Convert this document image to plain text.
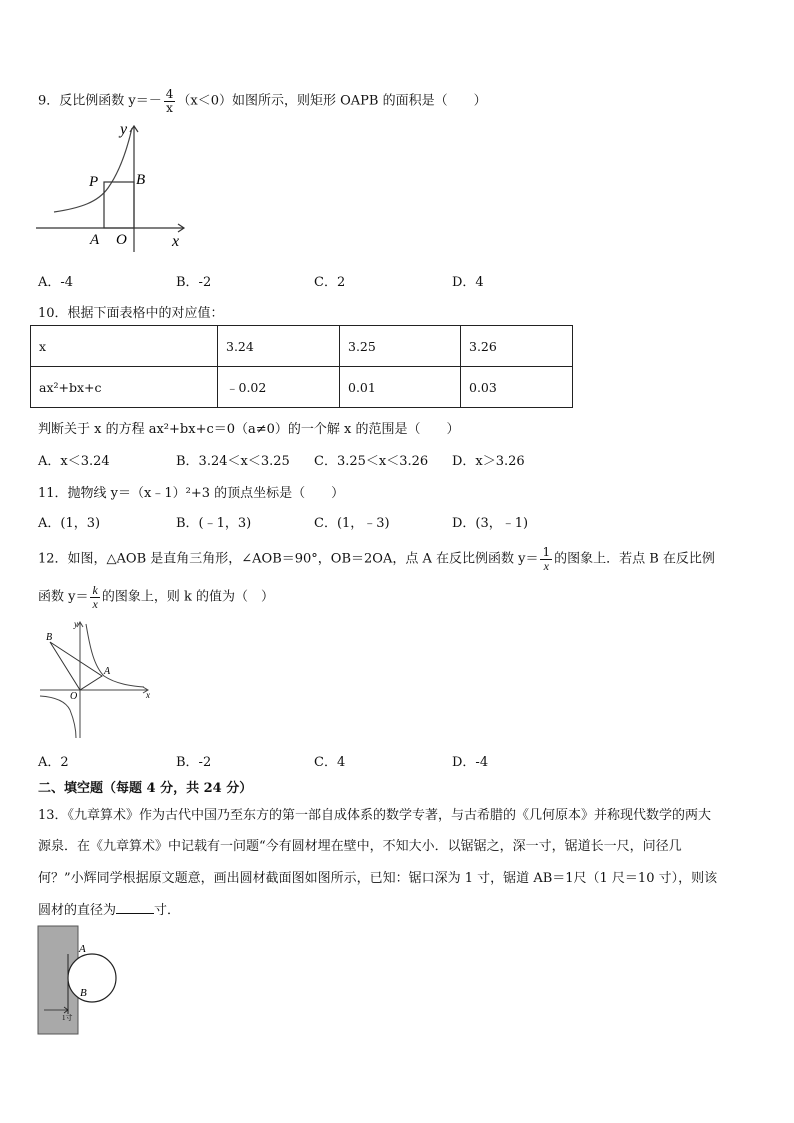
9．反比例函数 $y=- \frac{4}{x} (x<0)$如图所示，则矩形 OAPB 的面积是（　　）
y
P	B
A O	x
A．-4	B．-2	C．2	D．4
10．根据下面表格中的对应值：
x	3.24	3.25	3.26
ax²+bx+c	﹣0.02	0.01	0.03
判断关于 x 的方程 ax²+bx+c＝0（a≠0）的一个解 x 的范围是（　　）
A．x＜3.24	B．3.24＜x＜3.25 C．3.25＜x＜3.26 D．x＞3.26
11．抛物线 y＝（x﹣1）²+3 的顶点坐标是（　　）
A．(1，3)	B．(﹣1，3)	C．(1，﹣3)	D．(3，﹣1)
12．如图，△AOB 是直角三角形，∠AOB＝90°，OB＝2OA，点 A 在反比例函数 $y= \frac{1}{x}$ 的图象上．若点 B 在反比例
函数 $y= \frac{k}{x}$ 的图象上，则 k 的值为（　）
B
A
O	x
y
A．2	B．-2	C．4	D．-4
二、填空题（每题 4 分，共 24 分）
13．《九章算术》作为古代中国乃至东方的第一部自成体系的数学专著，与古希腊的《几何原本》并称现代数学的两大
源泉．在《九章算术》中记载有一问题“今有圆材埋在壁中，不知大小．以锯锯之，深一寸，锯道长一尺，问径几
何？”小辉同学根据原文题意，画出圆材截面图如图所示，已知：锯口深为 1 寸，锯道 AB＝1尺（1 尺＝10 寸），则该
圆材的直径为	寸．
A
B
1寸
